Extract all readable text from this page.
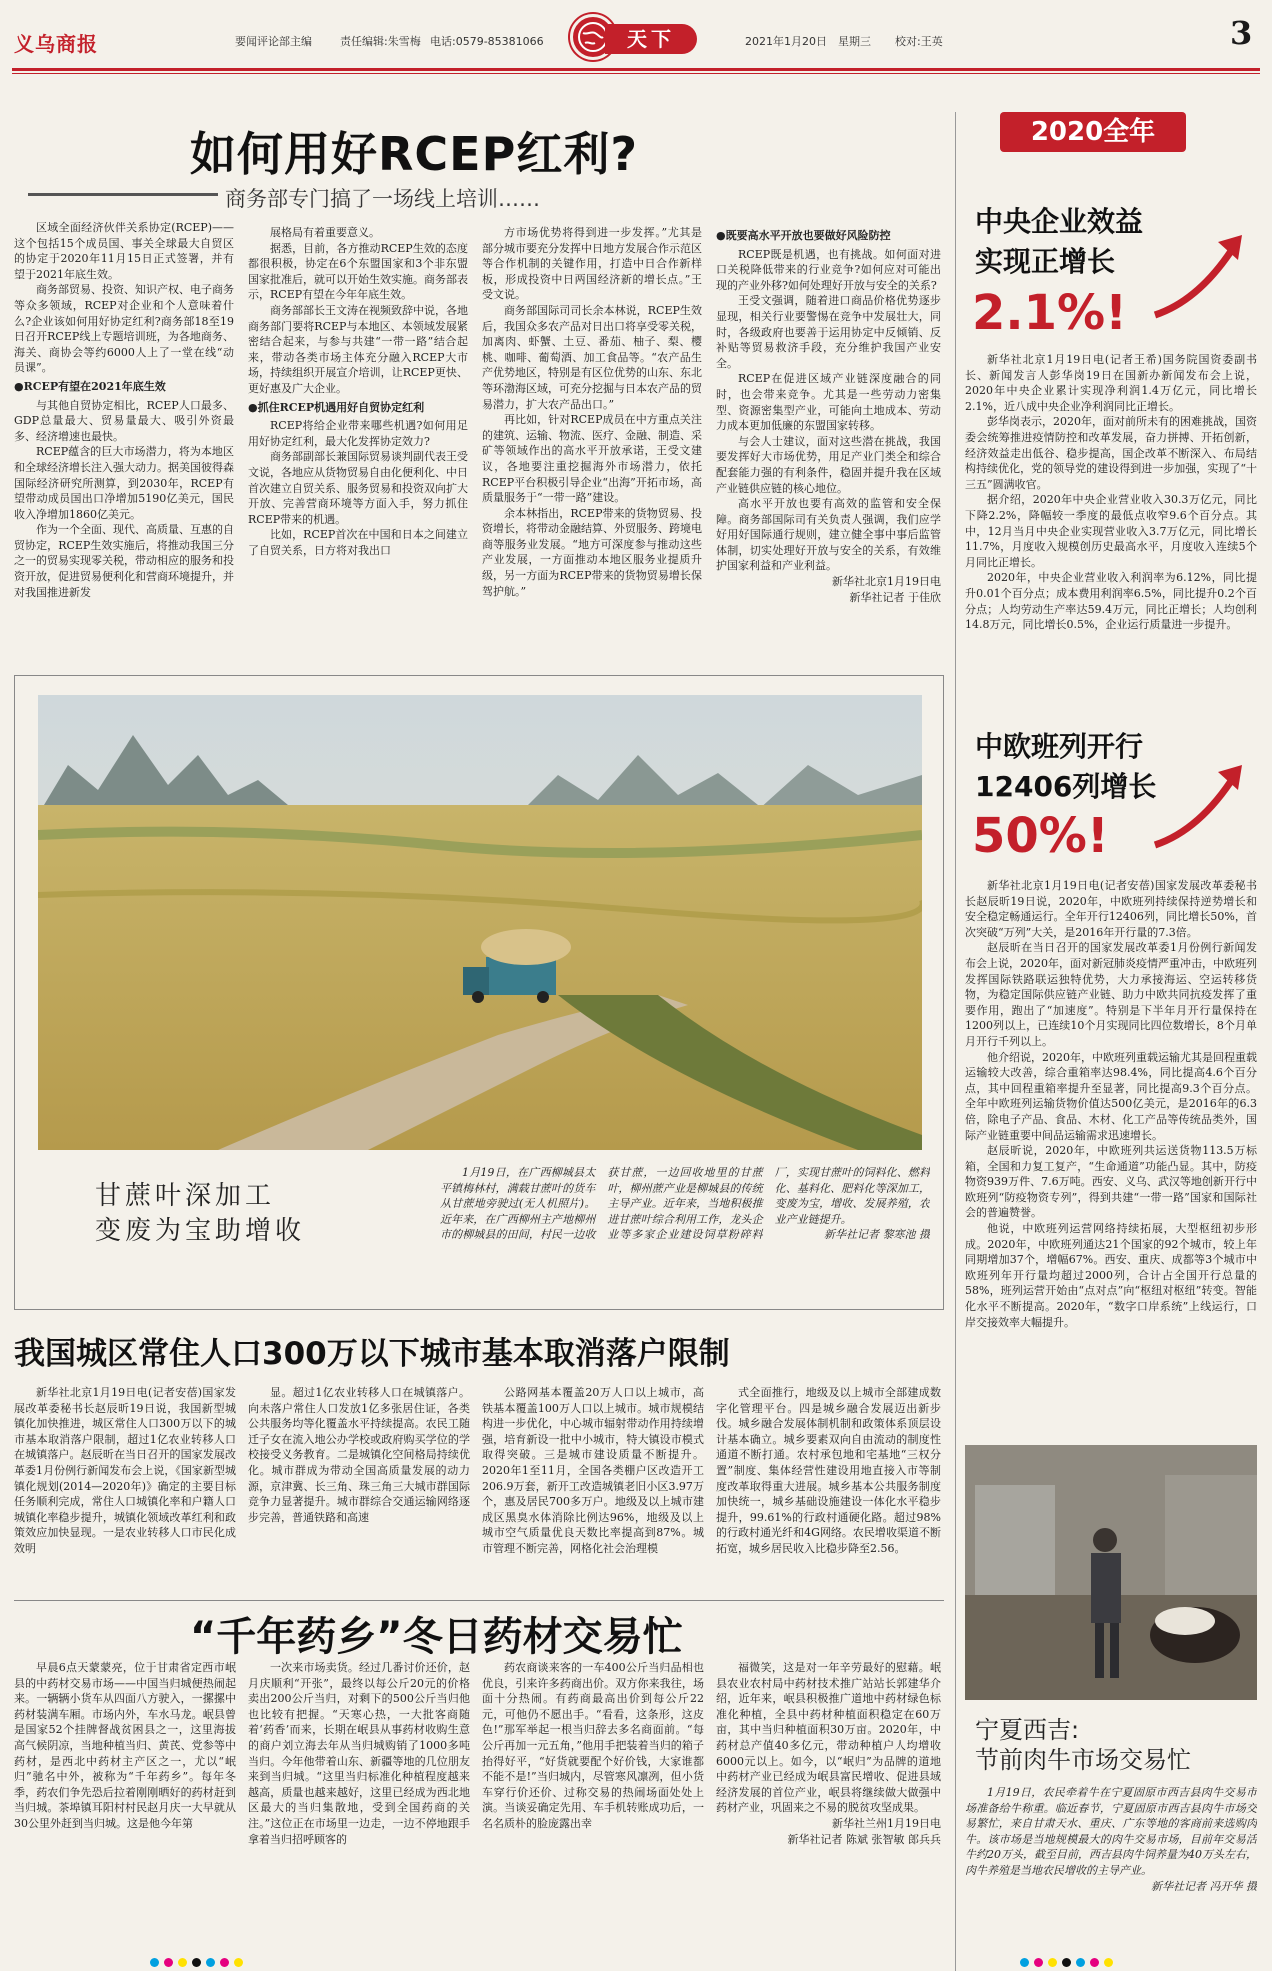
义乌商报	要闻评论部主编	责任编辑:朱雪梅 电话:0579-85381066	天下	2021年1月20日 星期三 校对:王英	3
如何用好RCEP红利?
商务部专门搞了一场线上培训……

区域全面经济伙伴关系协定(RCEP)——这个包括15个成员国、事关全球最大自贸区的协定于2020年11月15日正式签署，并有望于2021年底生效。

商务部贸易、投资、知识产权、电子商务等众多领域，RCEP对企业和个人意味着什么?企业该如何用好协定红利?商务部18至19日召开RCEP线上专题培训班，为各地商务、海关、商协会等约6000人上了一堂在线“动员课”。

●RCEP有望在2021年底生效

与其他自贸协定相比，RCEP人口最多、GDP总量最大、贸易量最大、吸引外资最多、经济增速也最快。

RCEP蕴含的巨大市场潜力，将为本地区和全球经济增长注入强大动力。据美国彼得森国际经济研究所测算，到2030年，RCEP有望带动成员国出口净增加5190亿美元，国民收入净增加1860亿美元。

作为一个全面、现代、高质量、互惠的自贸协定，RCEP生效实施后，将推动我国三分之一的贸易实现零关税，带动相应的服务和投资开放，促进贸易便利化和营商环境提升，并对我国推进新发

展格局有着重要意义。

据悉，目前，各方推动RCEP生效的态度都很积极，协定在6个东盟国家和3个非东盟国家批准后，就可以开始生效实施。商务部表示，RCEP有望在今年年底生效。

商务部部长王文涛在视频致辞中说，各地商务部门要将RCEP与本地区、本领域发展紧密结合起来，与参与共建“一带一路”结合起来，带动各类市场主体充分融入RCEP大市场，持续组织开展宣介培训，让RCEP更快、更好惠及广大企业。

●抓住RCEP机遇用好自贸协定红利

RCEP将给企业带来哪些机遇?如何用足用好协定红利，最大化发挥协定效力?

商务部副部长兼国际贸易谈判副代表王受文说，各地应从货物贸易自由化便利化、中日首次建立自贸关系、服务贸易和投资双向扩大开放、完善营商环境等方面入手，努力抓住RCEP带来的机遇。

比如，RCEP首次在中国和日本之间建立了自贸关系，日方将对我出口

方市场优势将得到进一步发挥。”尤其是部分城市要充分发挥中日地方发展合作示范区等合作机制的关键作用，打造中日合作新样板，形成投资中日两国经济新的增长点。”王受文说。

商务部国际司司长余本林说，RCEP生效后，我国众多农产品对日出口将享受零关税，加离肉、虾蟹、土豆、番茄、柚子、梨、樱桃、咖啡、葡萄酒、加工食品等。“农产品生产优势地区，特别是有区位优势的山东、东北等环渤海区域，可充分挖掘与日本农产品的贸易潜力，扩大农产品出口。”

再比如，针对RCEP成员在中方重点关注的建筑、运输、物流、医疗、金融、制造、采矿等领域作出的高水平开放承诺，王受文建议，各地要注重挖掘海外市场潜力，依托RCEP平台积极引导企业“出海”开拓市场，高质量服务于“一带一路”建设。

余本林指出，RCEP带来的货物贸易、投资增长，将带动金融结算、外贸服务、跨境电商等服务业发展。“地方可深度参与推动这些产业发展，一方面推动本地区服务业提质升级，另一方面为RCEP带来的货物贸易增长保驾护航。”

●既要高水平开放也要做好风险防控

RCEP既是机遇，也有挑战。如何面对进口关税降低带来的行业竞争?如何应对可能出现的产业外移?如何处理好开放与安全的关系?

王受文强调，随着进口商品价格优势逐步显现，相关行业要警惕在竞争中发展壮大，同时，各级政府也要善于运用协定中反倾销、反补贴等贸易救济手段，充分维护我国产业安全。

RCEP在促进区域产业链深度融合的同时，也会带来竞争。尤其是一些劳动力密集型、资源密集型产业，可能向土地成本、劳动力成本更加低廉的东盟国家转移。

与会人士建议，面对这些潜在挑战，我国要发挥好大市场优势，用足产业门类全和综合配套能力强的有利条件，稳固并提升我在区域产业链供应链的核心地位。

高水平开放也要有高效的监管和安全保障。商务部国际司有关负责人强调，我们应学好用好国际通行规则，建立健全事中事后监管体制，切实处理好开放与安全的关系，有效维护国家利益和产业利益。

新华社北京1月19日电

新华社记者 于佳欣

甘蔗叶深加工
变废为宝助增收

1月19日，在广西柳城县太平镇梅林村，满载甘蔗叶的货车从甘蔗地旁驶过(无人机照片)。近年来，在广西柳州主产地柳州市的柳城县的田间，村民一边收获甘蔗，一边回收地里的甘蔗叶，柳州蔗产业是柳城县的传统主导产业。近年来，当地积极推进甘蔗叶综合利用工作，龙头企业等多家企业建设饲草粉碎料厂，实现甘蔗叶的饲料化、燃料化、基料化、肥料化等深加工，变废为宝，增收、发展养殖，农业产业链提升。

新华社记者 黎寒池 摄

我国城区常住人口300万以下城市基本取消落户限制

新华社北京1月19日电(记者安蓓)国家发展改革委秘书长赵辰昕19日说，我国新型城镇化加快推进，城区常住人口300万以下的城市基本取消落户限制，超过1亿农业转移人口在城镇落户。赵辰昕在当日召开的国家发展改革委1月份例行新闻发布会上说，《国家新型城镇化规划(2014—2020年)》确定的主要目标任务顺利完成，常住人口城镇化率和户籍人口城镇化率稳步提升，城镇化领域改革红利和政策效应加快显现。一是农业转移人口市民化成效明

显。超过1亿农业转移人口在城镇落户。向未落户常住人口发放1亿多张居住证，各类公共服务均等化覆盖水平持续提高。农民工随迁子女在流入地公办学校或政府购买学位的学校接受义务教育。二是城镇化空间格局持续优化。城市群成为带动全国高质量发展的动力源，京津冀、长三角、珠三角三大城市群国际竞争力显著提升。城市群综合交通运输网络逐步完善，普通铁路和高速

公路网基本覆盖20万人口以上城市，高铁基本覆盖100万人口以上城市。城市规模结构进一步优化，中心城市辐射带动作用持续增强，培育新设一批中小城市，特大镇设市模式取得突破。三是城市建设质量不断提升。2020年1至11月，全国各类棚户区改造开工206.9万套，新开工改造城镇老旧小区3.97万个，惠及居民700多万户。地级及以上城市建成区黑臭水体消除比例达96%，地级及以上城市空气质量优良天数比率提高到87%。城市管理不断完善，网格化社会治理模

式全面推行，地级及以上城市全部建成数字化管理平台。四是城乡融合发展迈出新步伐。城乡融合发展体制机制和政策体系顶层设计基本确立。城乡要素双向自由流动的制度性通道不断打通。农村承包地和宅基地“三权分置”制度、集体经营性建设用地直接入市等制度改革取得重大进展。城乡基本公共服务制度加快统一，城乡基础设施建设一体化水平稳步提升，99.61%的行政村通硬化路。超过98%的行政村通光纤和4G网络。农民增收渠道不断拓宽，城乡居民收入比稳步降至2.56。

“千年药乡”冬日药材交易忙

早晨6点天蒙蒙亮，位于甘肃省定西市岷县的中药材交易市场——中国当归城便热闹起来。一辆辆小货车从四面八方驶入，一摞摞中药材装满车厢。市场内外，车水马龙。岷县曾是国家52个挂牌督战贫困县之一，这里海拔高气候阴凉，当地种植当归、黄芪、党参等中药材，是西北中药材主产区之一，尤以“岷归”驰名中外，被称为“千年药乡”。每年冬季，药农们争先恐后拉着刚刚晒好的药材赶到当归城。茶埠镇耳阳村村民赵月庆一大早就从30公里外赶到当归城。这是他今年第

一次来市场卖货。经过几番讨价还价，赵月庆顺利“开张”，最终以每公斤20元的价格卖出200公斤当归，对剩下的500公斤当归他也比较有把握。“天寒心热，一大批客商随着‘药香’而来，长期在岷县从事药材收购生意的商户刘立海去年从当归城购销了1000多吨当归。今年他带着山东、新疆等地的几位朋友来到当归城。“这里当归标准化种植程度越来越高，质量也越来越好，这里已经成为西北地区最大的当归集散地，受到全国药商的关注。”这位正在市场里一边走，一边不停地跟手拿着当归招呼顾客的

药农商谈来客的一车400公斤当归品相也优良，引来许多药商出价。双方你来我往，场面十分热闹。有药商最高出价到每公斤22元，可他仍不愿出手。“看看，这条形，这皮色!”那军举起一根当归辞去多名商面前。“每公斤再加一元五角，”他用手把装着当归的箱子抬得好平，“好货就要配个好价钱，大家谁都不能不是!”当归城内，尽管寒风凛冽，但小货车穿行价还价、过称交易的热闹场面处处上演。当谈妥确定先用、车手机转账成功后，一名名质朴的脸庞露出幸

福微笑，这是对一年辛劳最好的慰藉。岷县农业农村局中药材技术推广站站长郭建华介绍，近年来，岷县积极推广道地中药材绿色标准化种植，全县中药材种植面积稳定在60万亩，其中当归种植面积30万亩。2020年，中药材总产值40多亿元，带动种植户人均增收6000元以上。如今，以“岷归”为品牌的道地中药材产业已经成为岷县富民增收、促进县域经济发展的首位产业，岷县将继续做大做强中药材产业，巩固来之不易的脱贫攻坚成果。

新华社兰州1月19日电

新华社记者 陈斌 张智敏 郎兵兵

2020全年
中央企业效益
实现正增长
2.1%!

新华社北京1月19日电(记者王希)国务院国资委副书长、新闻发言人彭华岗19日在国新办新闻发布会上说，2020年中央企业累计实现净利润1.4万亿元，同比增长2.1%，近八成中央企业净利润同比正增长。

彭华岗表示，2020年，面对前所未有的困难挑战，国资委会统筹推进疫情防控和改革发展，奋力拼搏、开拓创新，经济效益走出低谷、稳步提高，国企改革不断深入、布局结构持续优化，党的领导党的建设得到进一步加强，实现了“十三五”圆满收官。

据介绍，2020年中央企业营业收入30.3万亿元，同比下降2.2%，降幅较一季度的最低点收窄9.6个百分点。其中，12月当月中央企业实现营业收入3.7万亿元，同比增长11.7%，月度收入规模创历史最高水平，月度收入连续5个月同比正增长。

2020年，中央企业营业收入利润率为6.12%，同比提升0.01个百分点；成本费用利润率6.5%，同比提升0.2个百分点；人均劳动生产率达59.4万元，同比正增长；人均创利14.8万元，同比增长0.5%，企业运行质量进一步提升。

中欧班列开行
12406列增长
50%!

新华社北京1月19日电(记者安蓓)国家发展改革委秘书长赵辰昕19日说，2020年，中欧班列持续保持逆势增长和安全稳定畅通运行。全年开行12406列，同比增长50%，首次突破“万列”大关，是2016年开行量的7.3倍。

赵辰昕在当日召开的国家发展改革委1月份例行新闻发布会上说，2020年，面对新冠肺炎疫情严重冲击，中欧班列发挥国际铁路联运独特优势，大力承接海运、空运转移货物，为稳定国际供应链产业链、助力中欧共同抗疫发挥了重要作用，跑出了“加速度”。特别是下半年月开行量保持在1200列以上，已连续10个月实现同比四位数增长，8个月单月开行千列以上。

他介绍说，2020年，中欧班列重载运输尤其是回程重载运输较大改善，综合重箱率达98.4%，同比提高4.6个百分点，其中回程重箱率提升至显著，同比提高9.3个百分点。全年中欧班列运输货物价值达500亿美元，是2016年的6.3倍，除电子产品、食品、木材、化工产品等传统品类外，国际产业链重要中间品运输需求迅速增长。

赵辰昕说，2020年，中欧班列共运送货物113.5万标箱，全国和力复工复产，“生命通道”功能凸显。其中，防疫物资939万件、7.6万吨。西安、义乌、武汉等地创新开行中欧班列“防疫物资专列”，得到共建“一带一路”国家和国际社会的普遍赞誉。

他说，中欧班列运营网络持续拓展，大型枢纽初步形成。2020年，中欧班列通达21个国家的92个城市，较上年同期增加37个，增幅67%。西安、重庆、成都等3个城市中欧班列年开行量均超过2000列，合计占全国开行总量的58%，班列运营开始由“点对点”向“枢纽对枢纽”转变。智能化水平不断提高。2020年，“数字口岸系统”上线运行，口岸交接效率大幅提升。

宁夏西吉:
节前肉牛市场交易忙

1月19日，农民牵着牛在宁夏固原市西吉县肉牛交易市场准备给牛称重。临近春节，宁夏固原市西吉县肉牛市场交易繁忙，来自甘肃天水、重庆、广东等地的客商前来选购肉牛。该市场是当地规模最大的肉牛交易市场，目前年交易活牛约20万头，截至目前，西吉县肉牛饲养量为40万头左右，肉牛养殖是当地农民增收的主导产业。

新华社记者 冯开华 摄
